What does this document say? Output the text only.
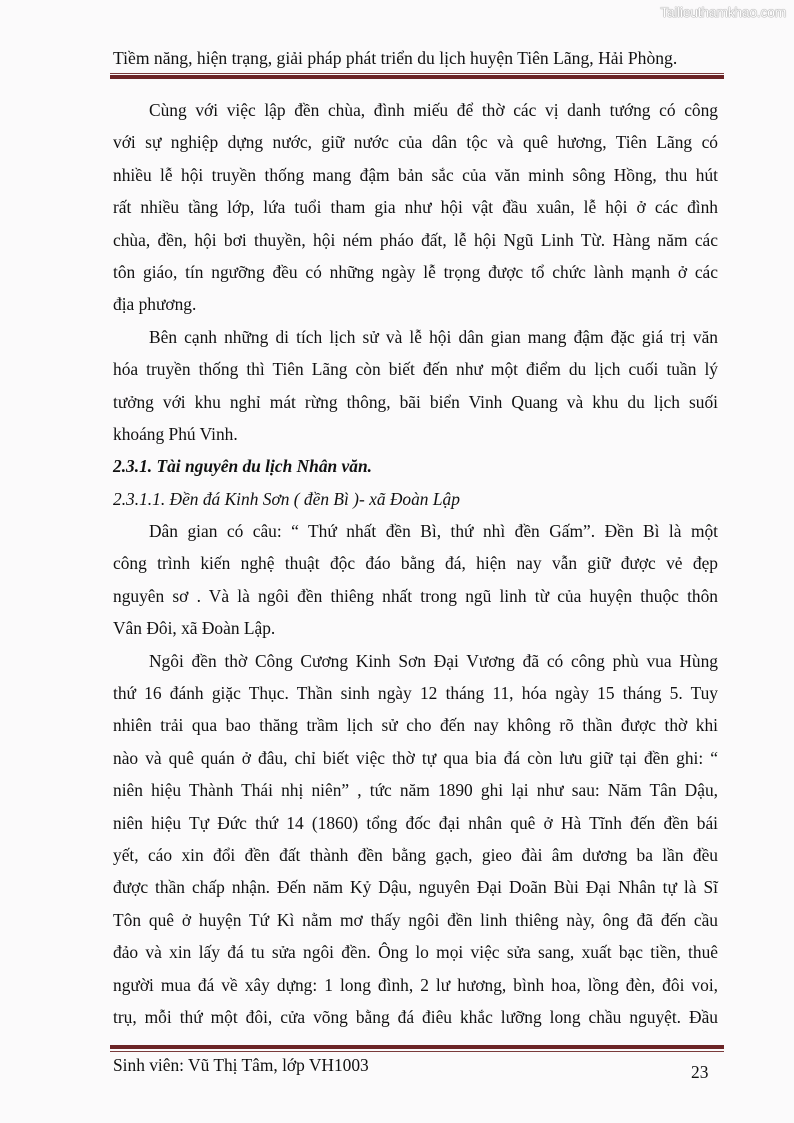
Tailieuthamkhao.com
Tiềm năng, hiện trạng, giải pháp phát triển du lịch huyện Tiên Lãng, Hải Phòng.
Cùng với việc lập đền chùa, đình miếu để thờ các vị danh tướng có công
với sự nghiệp dựng nước, giữ nước của dân tộc và quê hương, Tiên Lãng có
nhiều lễ hội truyền thống mang đậm bản sắc của văn minh sông Hồng, thu hút
rất nhiều tầng lớp, lứa tuổi tham gia như hội vật đầu xuân, lễ hội ở các đình
chùa, đền, hội bơi thuyền, hội ném pháo đất, lễ hội Ngũ Linh Từ. Hàng năm các
tôn giáo, tín ngưỡng đều có những ngày lễ trọng được tổ chức lành mạnh ở các
địa phương.
Bên cạnh những di tích lịch sử và lễ hội dân gian mang đậm đặc giá trị văn
hóa truyền thống thì Tiên Lãng còn biết đến như một điểm du lịch cuối tuần lý
tưởng với khu nghỉ mát rừng thông, bãi biển Vinh Quang và khu du lịch suối
khoáng Phú Vinh.
2.3.1. Tài nguyên du lịch Nhân văn.
2.3.1.1. Đền đá Kinh Sơn ( đền Bì )- xã Đoàn Lập
Dân gian có câu: “ Thứ nhất đền Bì, thứ nhì đền Gấm”. Đền Bì là một
công trình kiến nghệ thuật độc đáo bằng đá, hiện nay vẫn giữ được vẻ đẹp
nguyên sơ . Và là ngôi đền thiêng nhất trong ngũ linh từ của huyện thuộc thôn
Vân Đôi, xã Đoàn Lập.
Ngôi đền thờ Công Cương Kinh Sơn Đại Vương đã có công phù vua Hùng
thứ 16 đánh giặc Thục. Thần sinh ngày 12 tháng 11, hóa ngày 15 tháng 5. Tuy
nhiên trải qua bao thăng trầm lịch sử cho đến nay không rõ thần được thờ khi
nào và quê quán ở đâu, chỉ biết việc thờ tự qua bia đá còn lưu giữ tại đền ghi: “
niên hiệu Thành Thái nhị niên” , tức năm 1890 ghi lại như sau: Năm Tân Dậu,
niên hiệu Tự Đức thứ 14 (1860) tổng đốc đại nhân quê ở Hà Tĩnh đến đền bái
yết, cáo xin đổi đền đất thành đền bằng gạch, gieo đài âm dương ba lần đều
được thần chấp nhận. Đến năm Kỷ Dậu, nguyên Đại Doãn Bùi Đại Nhân tự là Sĩ
Tôn quê ở huyện Tứ Kì nằm mơ thấy ngôi đền linh thiêng này, ông đã đến cầu
đảo và xin lấy đá tu sửa ngôi đền. Ông lo mọi việc sửa sang, xuất bạc tiền, thuê
người mua đá về xây dựng: 1 long đình, 2 lư hương, bình hoa, lồng đèn, đôi voi,
trụ, mỗi thứ một đôi, cửa võng bằng đá điêu khắc lưỡng long chầu nguyệt. Đầu
Sinh viên: Vũ Thị Tâm, lớp VH1003	23
